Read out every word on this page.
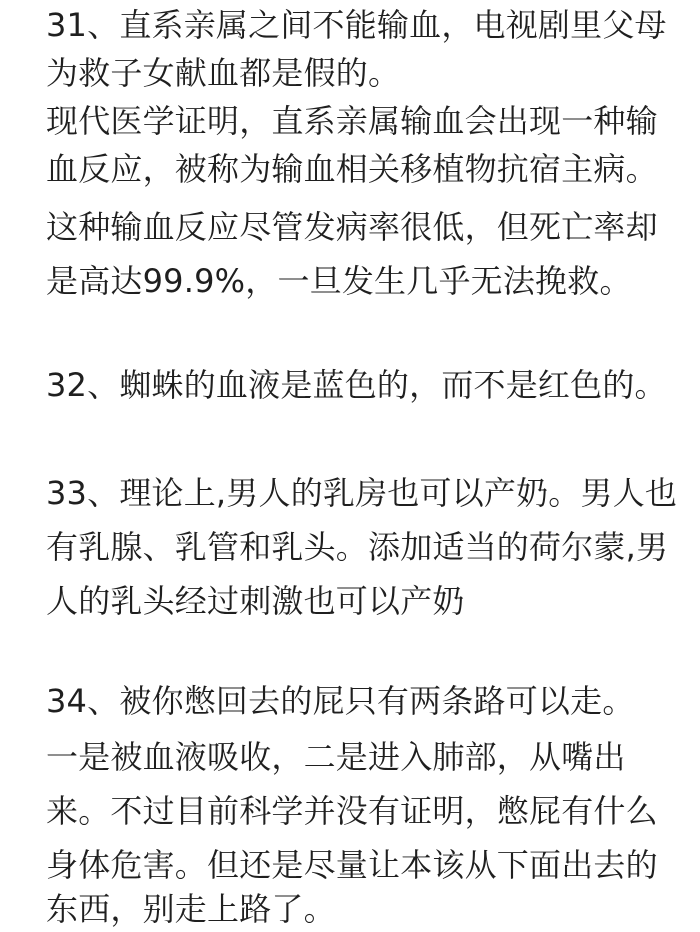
31、直系亲属之间不能输血，电视剧里父母
为救子女献血都是假的。
现代医学证明，直系亲属输血会出现一种输
血反应，被称为输血相关移植物抗宿主病。
这种输血反应尽管发病率很低，但死亡率却
是高达99.9%，一旦发生几乎无法挽救。
32、蜘蛛的血液是蓝色的，而不是红色的。
33、理论上,男人的乳房也可以产奶。男人也
有乳腺、乳管和乳头。添加适当的荷尔蒙,男
人的乳头经过刺激也可以产奶
34、被你憋回去的屁只有两条路可以走。
一是被血液吸收，二是进入肺部，从嘴出
来。不过目前科学并没有证明，憋屁有什么
身体危害。但还是尽量让本该从下面出去的
东西，别走上路了。
